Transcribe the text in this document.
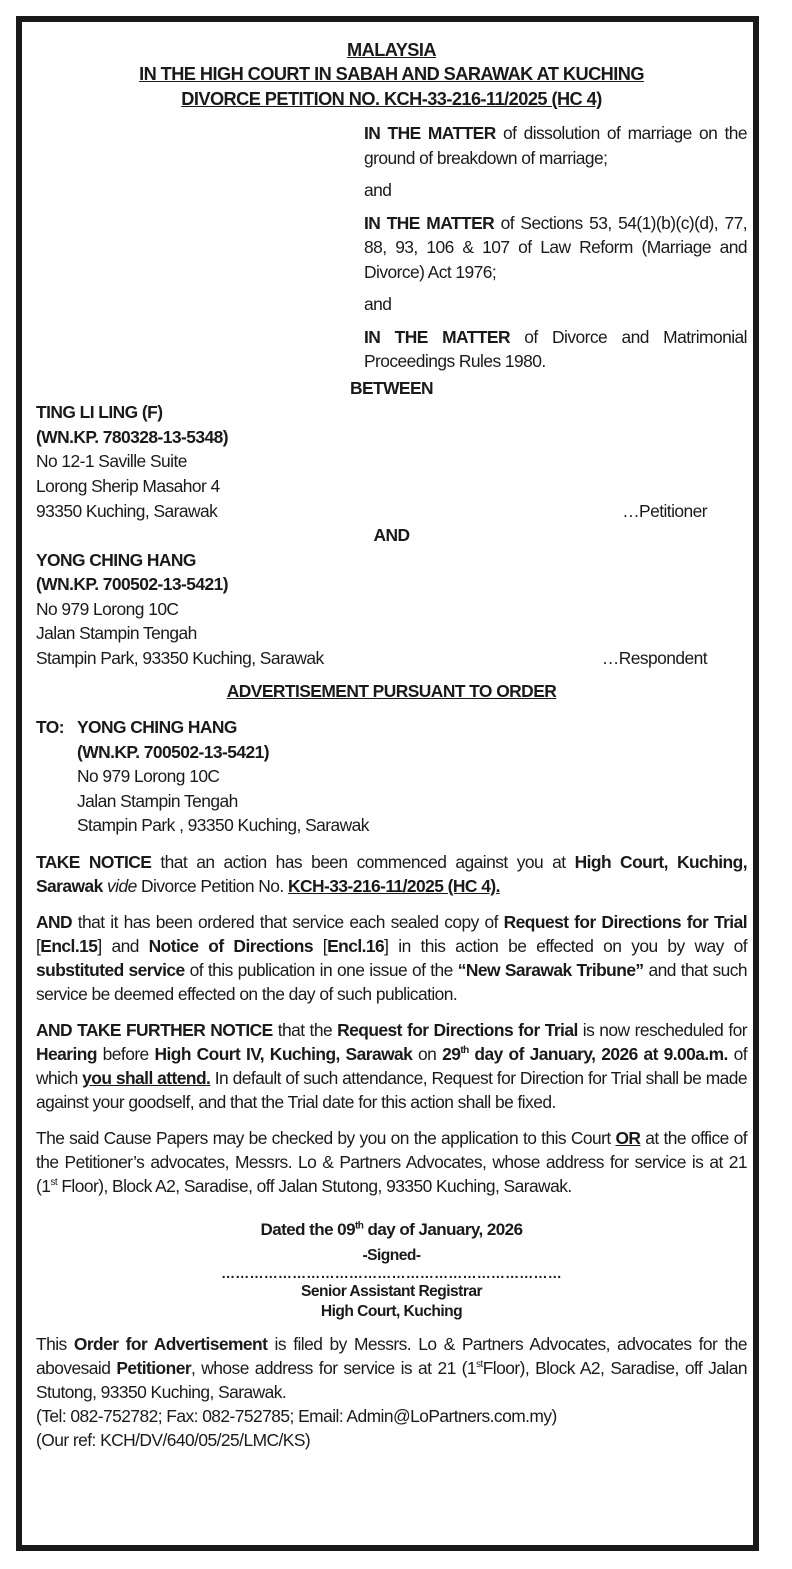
MALAYSIA
IN THE HIGH COURT IN SABAH AND SARAWAK AT KUCHING
DIVORCE PETITION NO. KCH-33-216-11/2025 (HC 4)

IN THE MATTER of dissolution of marriage on the ground of breakdown of marriage;

and

IN THE MATTER of Sections 53, 54(1)(b)(c)(d), 77, 88, 93, 106 & 107 of Law Reform (Marriage and Divorce) Act 1976;

and

IN THE MATTER of Divorce and Matrimonial Proceedings Rules 1980.

BETWEEN
TING LI LING (F)
(WN.KP. 780328-13-5348)
No 12-1 Saville Suite
Lorong Sherip Masahor 4
93350 Kuching, Sarawak	…Petitioner
AND
YONG CHING HANG
(WN.KP. 700502-13-5421)
No 979 Lorong 10C
Jalan Stampin Tengah
Stampin Park, 93350 Kuching, Sarawak	…Respondent
ADVERTISEMENT PURSUANT TO ORDER
TO: YONG CHING HANG
(WN.KP. 700502-13-5421)
No 979 Lorong 10C
Jalan Stampin Tengah
Stampin Park , 93350 Kuching, Sarawak

TAKE NOTICE that an action has been commenced against you at High Court, Kuching, Sarawak vide Divorce Petition No. KCH-33-216-11/2025 (HC 4).

AND that it has been ordered that service each sealed copy of Request for Directions for Trial [Encl.15] and Notice of Directions [Encl.16] in this action be effected on you by way of substituted service of this publication in one issue of the “New Sarawak Tribune” and that such service be deemed effected on the day of such publication.

AND TAKE FURTHER NOTICE that the Request for Directions for Trial is now rescheduled for Hearing before High Court IV, Kuching, Sarawak on 29th day of January, 2026 at 9.00a.m. of which you shall attend. In default of such attendance, Request for Direction for Trial shall be made against your goodself, and that the Trial date for this action shall be fixed.

The said Cause Papers may be checked by you on the application to this Court OR at the office of the Petitioner’s advocates, Messrs. Lo & Partners Advocates, whose address for service is at 21 (1st Floor), Block A2, Saradise, off Jalan Stutong, 93350 Kuching, Sarawak.

Dated the 09th day of January, 2026
-Signed-
………………………………………………………………
Senior Assistant Registrar
High Court, Kuching
This Order for Advertisement is filed by Messrs. Lo & Partners Advocates, advocates for the abovesaid Petitioner, whose address for service is at 21 (1stFloor), Block A2, Saradise, off Jalan Stutong, 93350 Kuching, Sarawak.
(Tel: 082-752782; Fax: 082-752785; Email: Admin@LoPartners.com.my)
(Our ref: KCH/DV/640/05/25/LMC/KS)
